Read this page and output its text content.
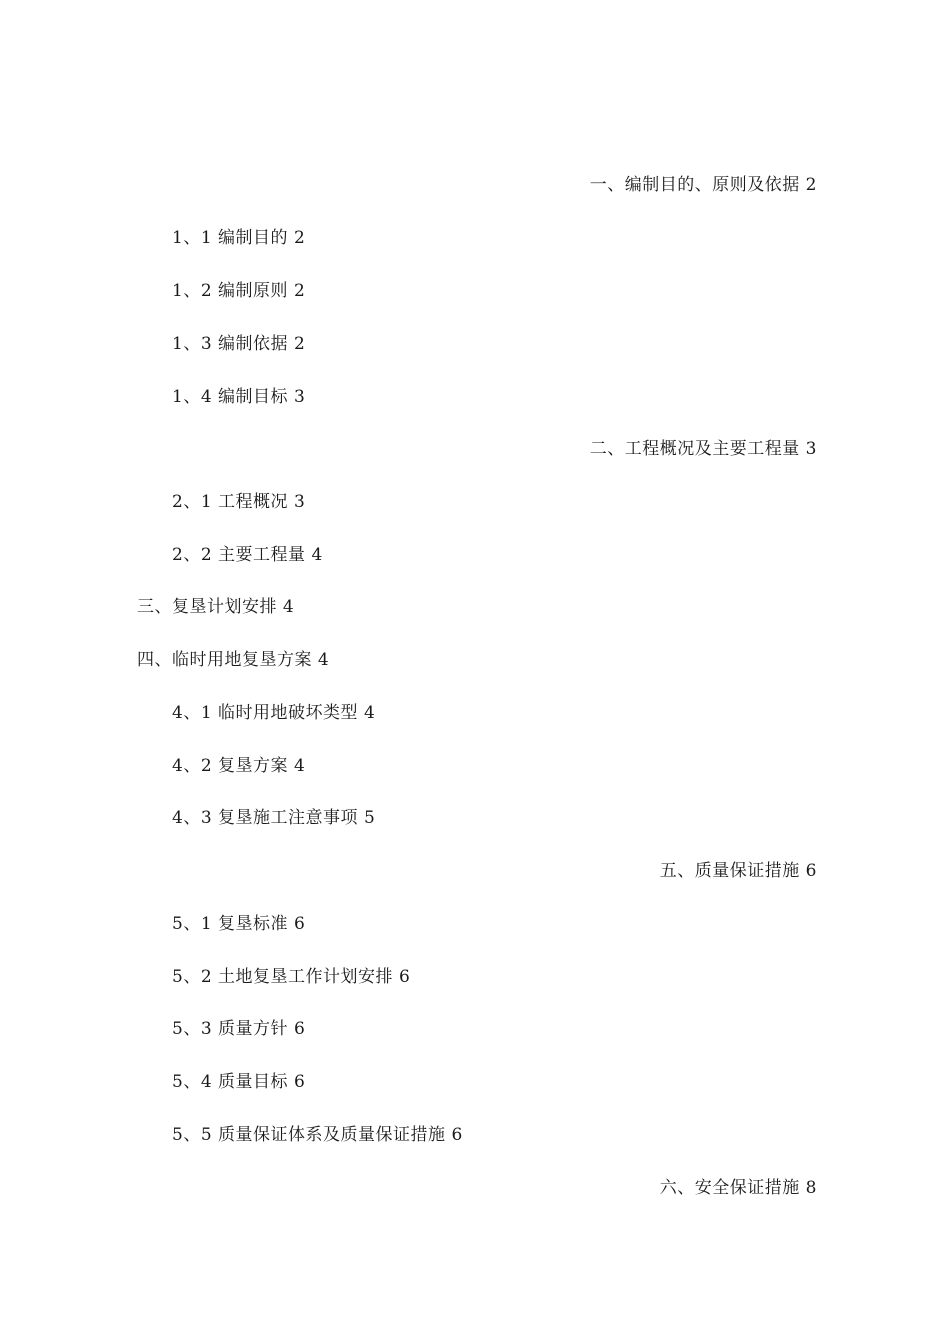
一、编制目的、原则及依据 2
1、1 编制目的 2
1、2 编制原则 2
1、3 编制依据 2
1、4 编制目标 3
二、工程概况及主要工程量 3
2、1 工程概况 3
2、2 主要工程量 4
三、复垦计划安排 4
四、临时用地复垦方案 4
4、1 临时用地破坏类型 4
4、2 复垦方案 4
4、3 复垦施工注意事项 5
五、质量保证措施 6
5、1 复垦标准 6
5、2 土地复垦工作计划安排 6
5、3 质量方针 6
5、4 质量目标 6
5、5 质量保证体系及质量保证措施 6
六、安全保证措施 8
